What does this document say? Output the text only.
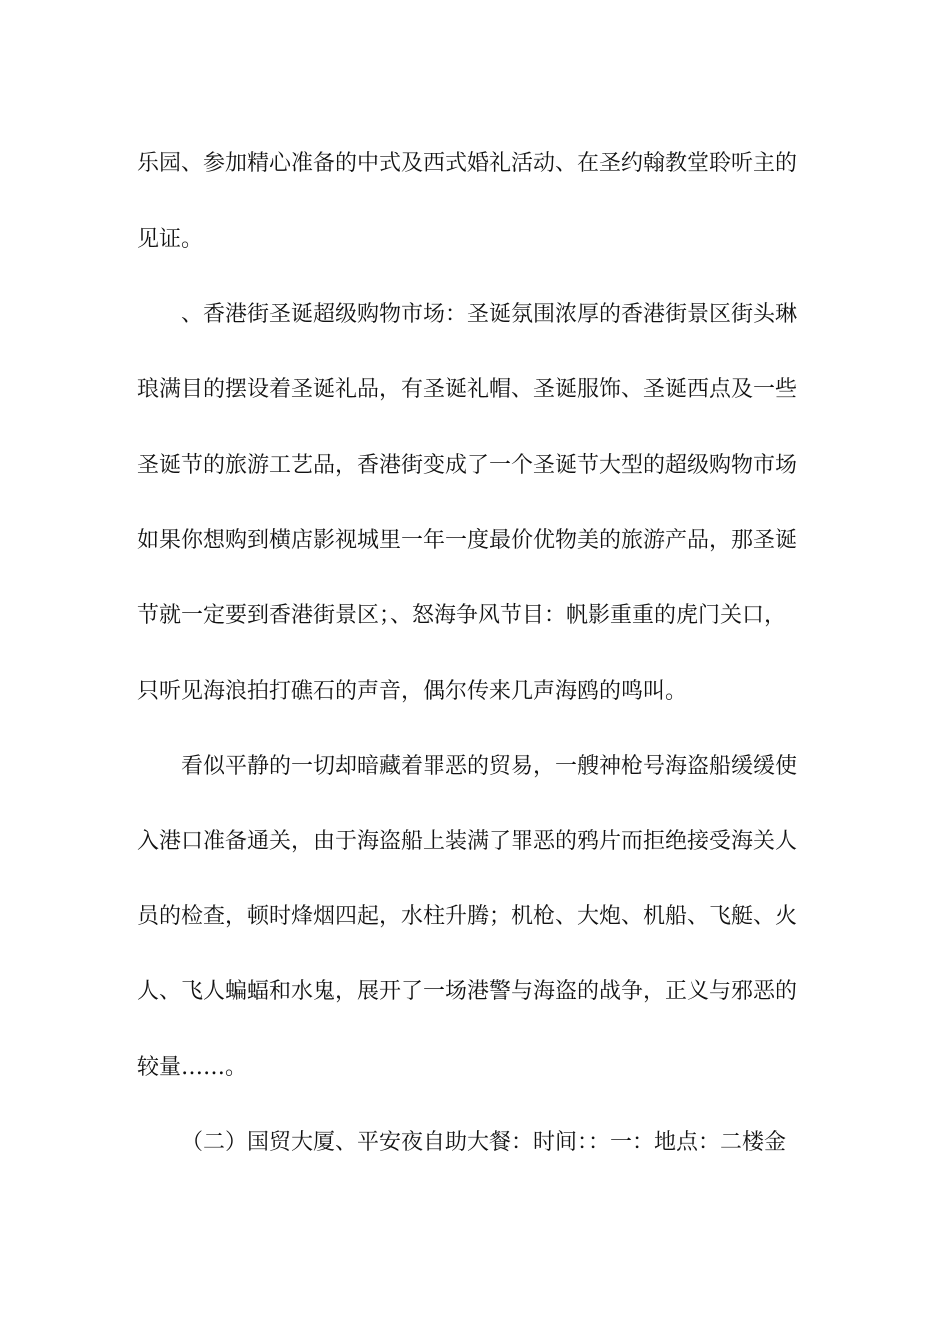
乐园、参加精心准备的中式及西式婚礼活动、在圣约翰教堂聆听主的
见证。
、香港街圣诞超级购物市场：圣诞氛围浓厚的香港街景区街头琳
琅满目的摆设着圣诞礼品，有圣诞礼帽、圣诞服饰、圣诞西点及一些
圣诞节的旅游工艺品，香港街变成了一个圣诞节大型的超级购物市场
如果你想购到横店影视城里一年一度最价优物美的旅游产品，那圣诞
节就一定要到香港街景区；、怒海争风节目：帆影重重的虎门关口，
只听见海浪拍打礁石的声音，偶尔传来几声海鸥的鸣叫。
看似平静的一切却暗藏着罪恶的贸易，一艘神枪号海盗船缓缓使
入港口准备通关，由于海盗船上装满了罪恶的鸦片而拒绝接受海关人
员的检查，顿时烽烟四起，水柱升腾；机枪、大炮、机船、飞艇、火
人、飞人蝙蝠和水鬼，展开了一场港警与海盗的战争，正义与邪恶的
较量……。
（二）国贸大厦、平安夜自助大餐：时间：：一：地点：二楼金
